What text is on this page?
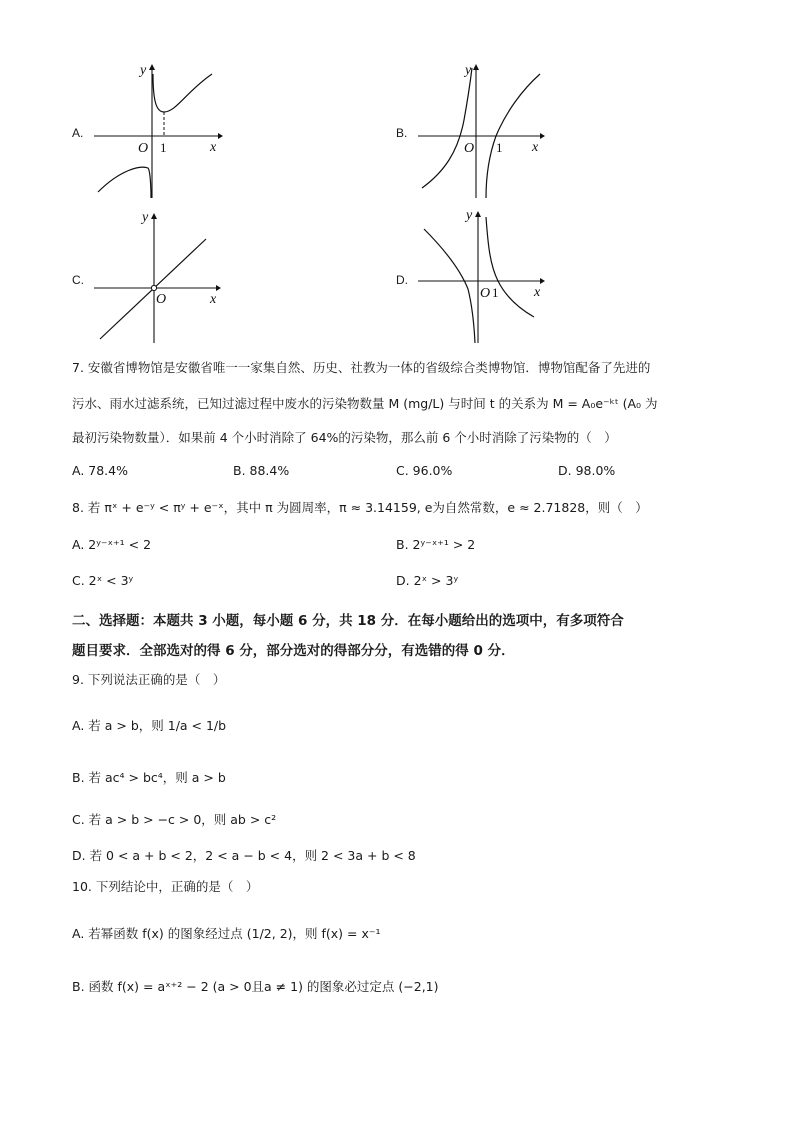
A.
y
x
O 1
B.
y
x
O 1
C.
y
x
O
D.
y
x
O 1
7. 安徽省博物馆是安徽省唯一一家集自然、历史、社教为一体的省级综合类博物馆．博物馆配备了先进的
污水、雨水过滤系统，已知过滤过程中废水的污染物数量 M (mg/L) 与时间 t 的关系为 M = A₀e⁻ᵏᵗ (A₀ 为
最初污染物数量）．如果前 4 个小时消除了 64%的污染物，那么前 6 个小时消除了污染物的（　）
A. 78.4%	B. 88.4%	C. 96.0%	D. 98.0%
8. 若 πˣ + e⁻ʸ < πʸ + e⁻ˣ，其中 π 为圆周率，π ≈ 3.14159, e为自然常数，e ≈ 2.71828，则（　）
A. 2ʸ⁻ˣ⁺¹ < 2	B. 2ʸ⁻ˣ⁺¹ > 2
C. 2ˣ < 3ʸ	D. 2ˣ > 3ʸ
二、选择题：本题共 3 小题，每小题 6 分，共 18 分．在每小题给出的选项中，有多项符合
题目要求．全部选对的得 6 分，部分选对的得部分分，有选错的得 0 分．
9. 下列说法正确的是（　）
A. 若 a > b，则 1/a < 1/b
B. 若 ac⁴ > bc⁴，则 a > b
C. 若 a > b > −c > 0，则 ab > c²
D. 若 0 < a + b < 2，2 < a − b < 4，则 2 < 3a + b < 8
10. 下列结论中，正确的是（　）
A. 若幂函数 f(x) 的图象经过点 (1/2, 2)，则 f(x) = x⁻¹
B. 函数 f(x) = aˣ⁺² − 2 (a > 0且a ≠ 1) 的图象必过定点 (−2,1)
